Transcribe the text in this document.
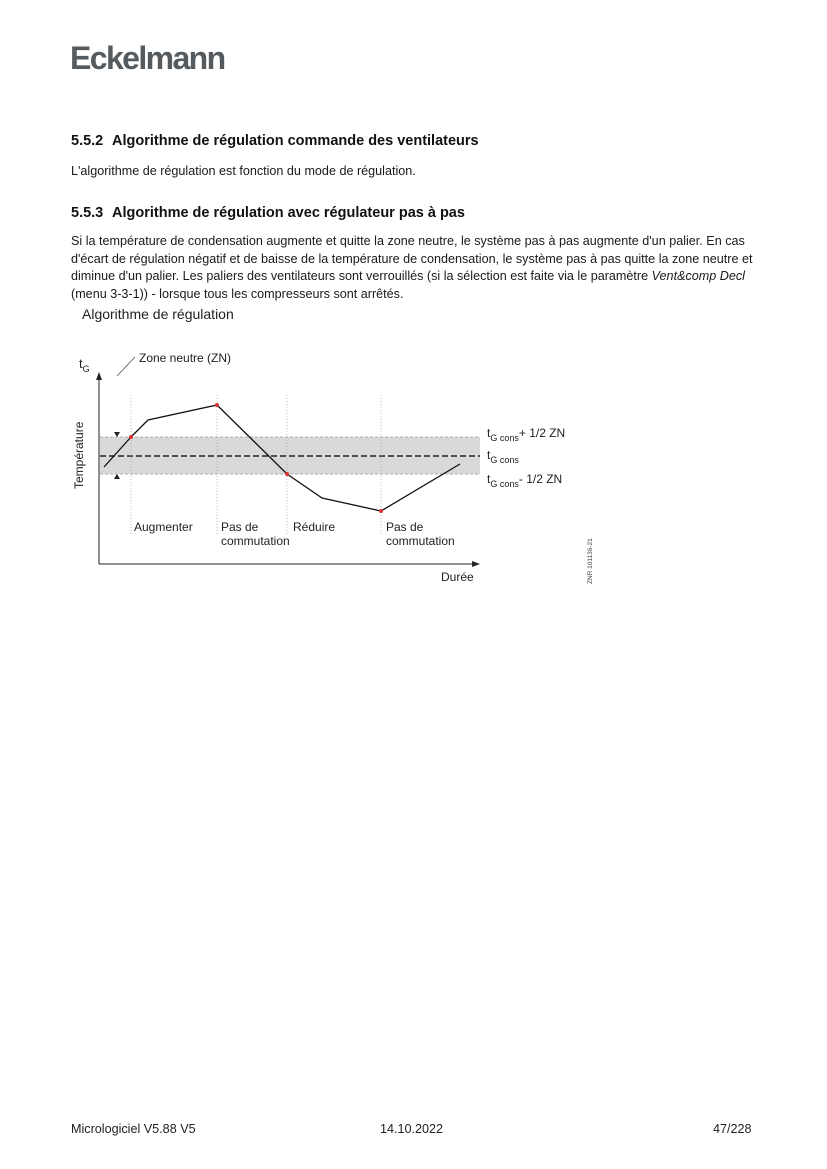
Eckelmann
5.5.2 Algorithme de régulation commande des ventilateurs
L'algorithme de régulation est fonction du mode de régulation.
5.5.3 Algorithme de régulation avec régulateur pas à pas
Si la température de condensation augmente et quitte la zone neutre, le système pas à pas augmente d'un palier. En cas d'écart de régulation négatif et de baisse de la température de condensation, le système pas à pas quitte la zone neutre et diminue d'un palier. Les paliers des ventilateurs sont verrouillés (si la sélection est faite via le paramètre Vent&comp Decl (menu 3-3-1)) - lorsque tous les compresseurs sont arrêtés.
Algorithme de régulation
Zone neutre (ZN)
$t_G$
Température	$t_{G cons}+ 1/2$ ZN
$t_{G cons}$
$t_{G cons}-$ 1/2 ZN
Augmenter Pas de
commutation
Réduire	Pas de
commutation
Durée	ZNR 101136-21
Micrologiciel V5.88 V5	14.10.2022	47/228
